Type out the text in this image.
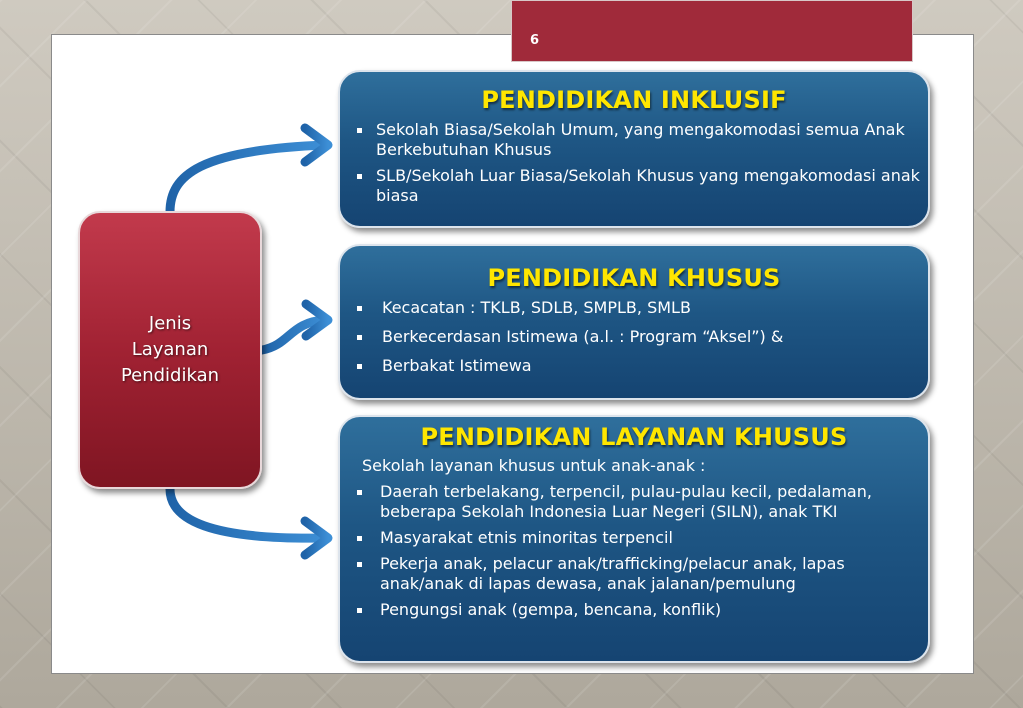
6
Jenis
Layanan
Pendidikan
PENDIDIKAN INKLUSIF
Sekolah Biasa/Sekolah Umum, yang mengakomodasi semua Anak Berkebutuhan Khusus
SLB/Sekolah Luar Biasa/Sekolah Khusus yang mengakomodasi anak biasa
PENDIDIKAN KHUSUS
Kecacatan : TKLB, SDLB, SMPLB, SMLB
Berkecerdasan Istimewa (a.l. : Program “Aksel”) &
Berbakat Istimewa
PENDIDIKAN LAYANAN KHUSUS
Sekolah layanan khusus untuk anak-anak :
Daerah terbelakang, terpencil, pulau-pulau kecil, pedalaman, beberapa Sekolah Indonesia Luar Negeri (SILN), anak TKI
Masyarakat etnis minoritas terpencil
Pekerja anak, pelacur anak/trafficking/pelacur anak, lapas anak/anak di lapas dewasa, anak jalanan/pemulung
Pengungsi anak (gempa, bencana, konflik)
